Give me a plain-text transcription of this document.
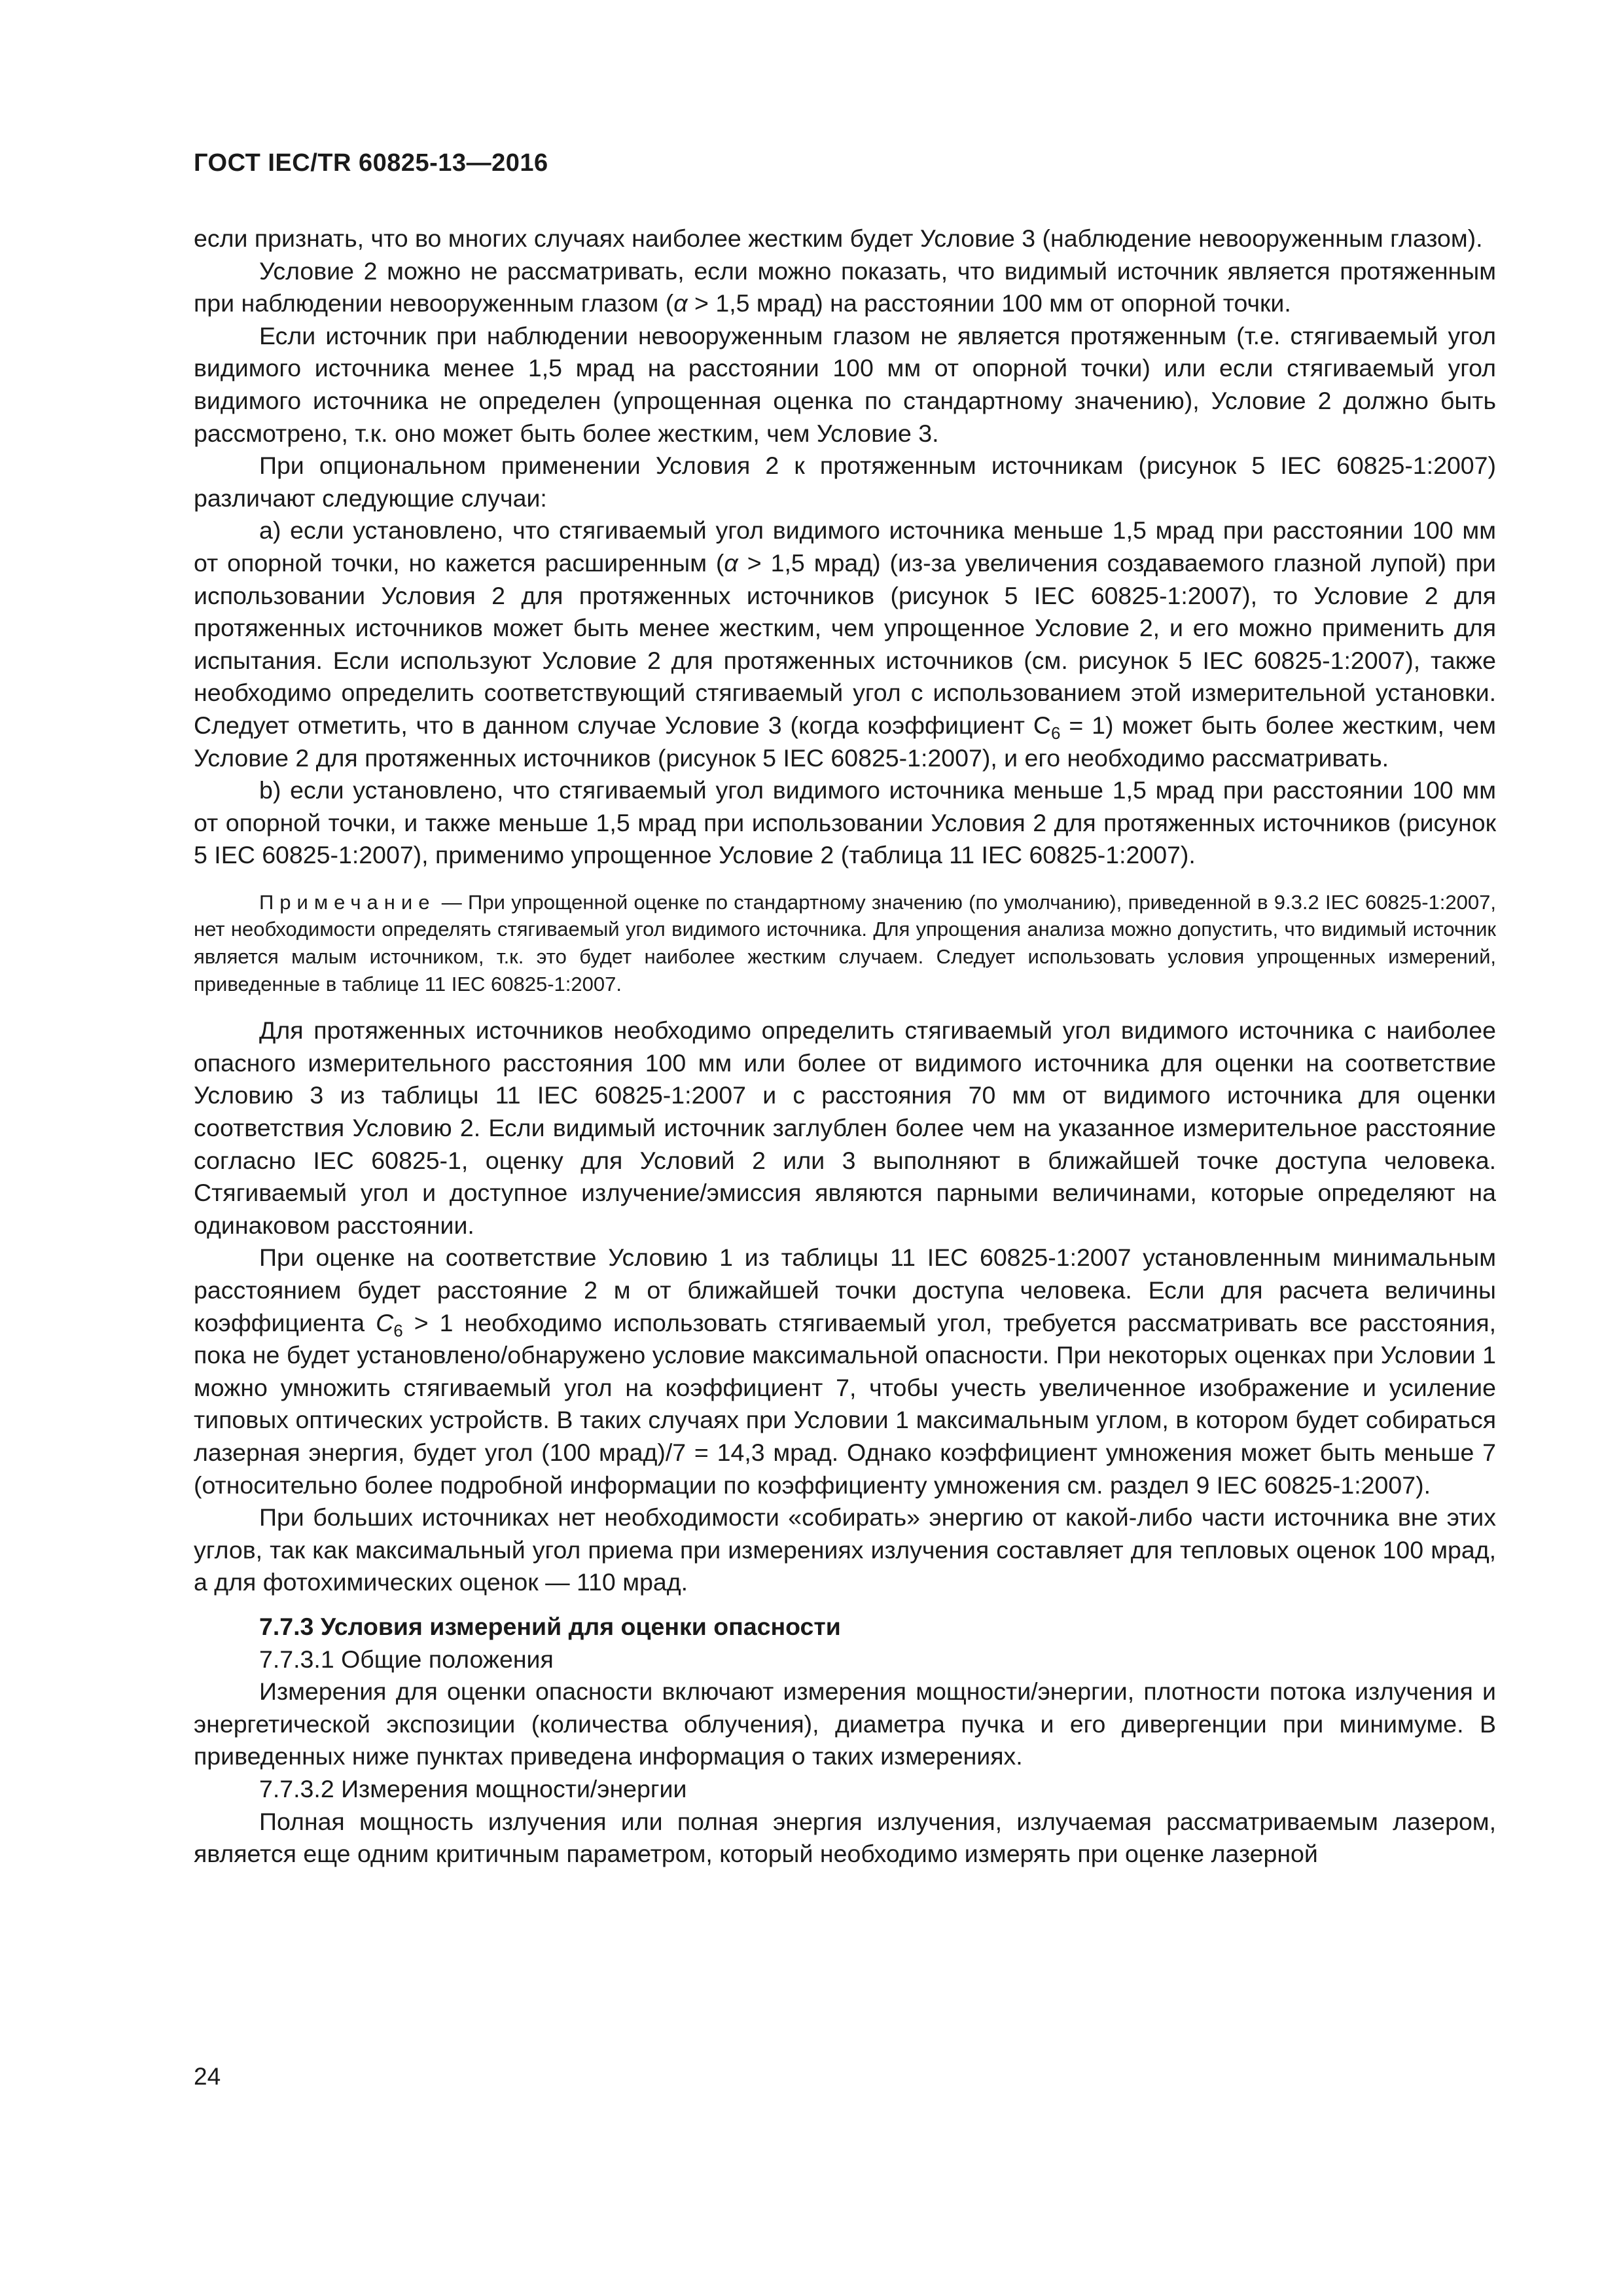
ГОСТ IEC/TR 60825-13—2016

если признать, что во многих случаях наиболее жестким будет Условие 3 (наблюдение невооруженным глазом).

Условие 2 можно не рассматривать, если можно показать, что видимый источник является протяженным при наблюдении невооруженным глазом (α > 1,5 мрад) на расстоянии 100 мм от опорной точки.

Если источник при наблюдении невооруженным глазом не является протяженным (т.е. стягиваемый угол видимого источника менее 1,5 мрад на расстоянии 100 мм от опорной точки) или если стягиваемый угол видимого источника не определен (упрощенная оценка по стандартному значению), Условие 2 должно быть рассмотрено, т.к. оно может быть более жестким, чем Условие 3.

При опциональном применении Условия 2 к протяженным источникам (рисунок 5 IEC 60825-1:2007) различают следующие случаи:

a) если установлено, что стягиваемый угол видимого источника меньше 1,5 мрад при расстоянии 100 мм от опорной точки, но кажется расширенным (α > 1,5 мрад) (из-за увеличения создаваемого глазной лупой) при использовании Условия 2 для протяженных источников (рисунок 5 IEC 60825-1:2007), то Условие 2 для протяженных источников может быть менее жестким, чем упрощенное Условие 2, и его можно применить для испытания. Если используют Условие 2 для протяженных источников (см. рисунок 5 IEC 60825-1:2007), также необходимо определить соответствующий стягиваемый угол с использованием этой измерительной установки. Следует отметить, что в данном случае Условие 3 (когда коэффициент $C_6 = 1$) может быть более жестким, чем Условие 2 для протяженных источников (рисунок 5 IEC 60825-1:2007), и его необходимо рассматривать.

b) если установлено, что стягиваемый угол видимого источника меньше 1,5 мрад при расстоянии 100 мм от опорной точки, и также меньше 1,5 мрад при использовании Условия 2 для протяженных источников (рисунок 5 IEC 60825-1:2007), применимо упрощенное Условие 2 (таблица 11 IEC 60825-1:2007).

Примечание — При упрощенной оценке по стандартному значению (по умолчанию), приведенной в 9.3.2 IEC 60825-1:2007, нет необходимости определять стягиваемый угол видимого источника. Для упрощения анализа можно допустить, что видимый источник является малым источником, т.к. это будет наиболее жестким случаем. Следует использовать условия упрощенных измерений, приведенные в таблице 11 IEC 60825-1:2007.

Для протяженных источников необходимо определить стягиваемый угол видимого источника с наиболее опасного измерительного расстояния 100 мм или более от видимого источника для оценки на соответствие Условию 3 из таблицы 11 IEC 60825-1:2007 и с расстояния 70 мм от видимого источника для оценки соответствия Условию 2. Если видимый источник заглублен более чем на указанное измерительное расстояние согласно IEC 60825-1, оценку для Условий 2 или 3 выполняют в ближайшей точке доступа человека. Стягиваемый угол и доступное излучение/эмиссия являются парными величинами, которые определяют на одинаковом расстоянии.

При оценке на соответствие Условию 1 из таблицы 11 IEC 60825-1:2007 установленным минимальным расстоянием будет расстояние 2 м от ближайшей точки доступа человека. Если для расчета величины коэффициента $C_6 > 1$ необходимо использовать стягиваемый угол, требуется рассматривать все расстояния, пока не будет установлено/обнаружено условие максимальной опасности. При некоторых оценках при Условии 1 можно умножить стягиваемый угол на коэффициент 7, чтобы учесть увеличенное изображение и усиление типовых оптических устройств. В таких случаях при Условии 1 максимальным углом, в котором будет собираться лазерная энергия, будет угол (100 мрад)/7 = 14,3 мрад. Однако коэффициент умножения может быть меньше 7 (относительно более подробной информации по коэффициенту умножения см. раздел 9 IEC 60825-1:2007).

При больших источниках нет необходимости «собирать» энергию от какой-либо части источника вне этих углов, так как максимальный угол приема при измерениях излучения составляет для тепловых оценок 100 мрад, а для фотохимических оценок — 110 мрад.

7.7.3 Условия измерений для оценки опасности

7.7.3.1 Общие положения

Измерения для оценки опасности включают измерения мощности/энергии, плотности потока излучения и энергетической экспозиции (количества облучения), диаметра пучка и его дивергенции при минимуме. В приведенных ниже пунктах приведена информация о таких измерениях.

7.7.3.2 Измерения мощности/энергии

Полная мощность излучения или полная энергия излучения, излучаемая рассматриваемым лазером, является еще одним критичным параметром, который необходимо измерять при оценке лазерной

24
